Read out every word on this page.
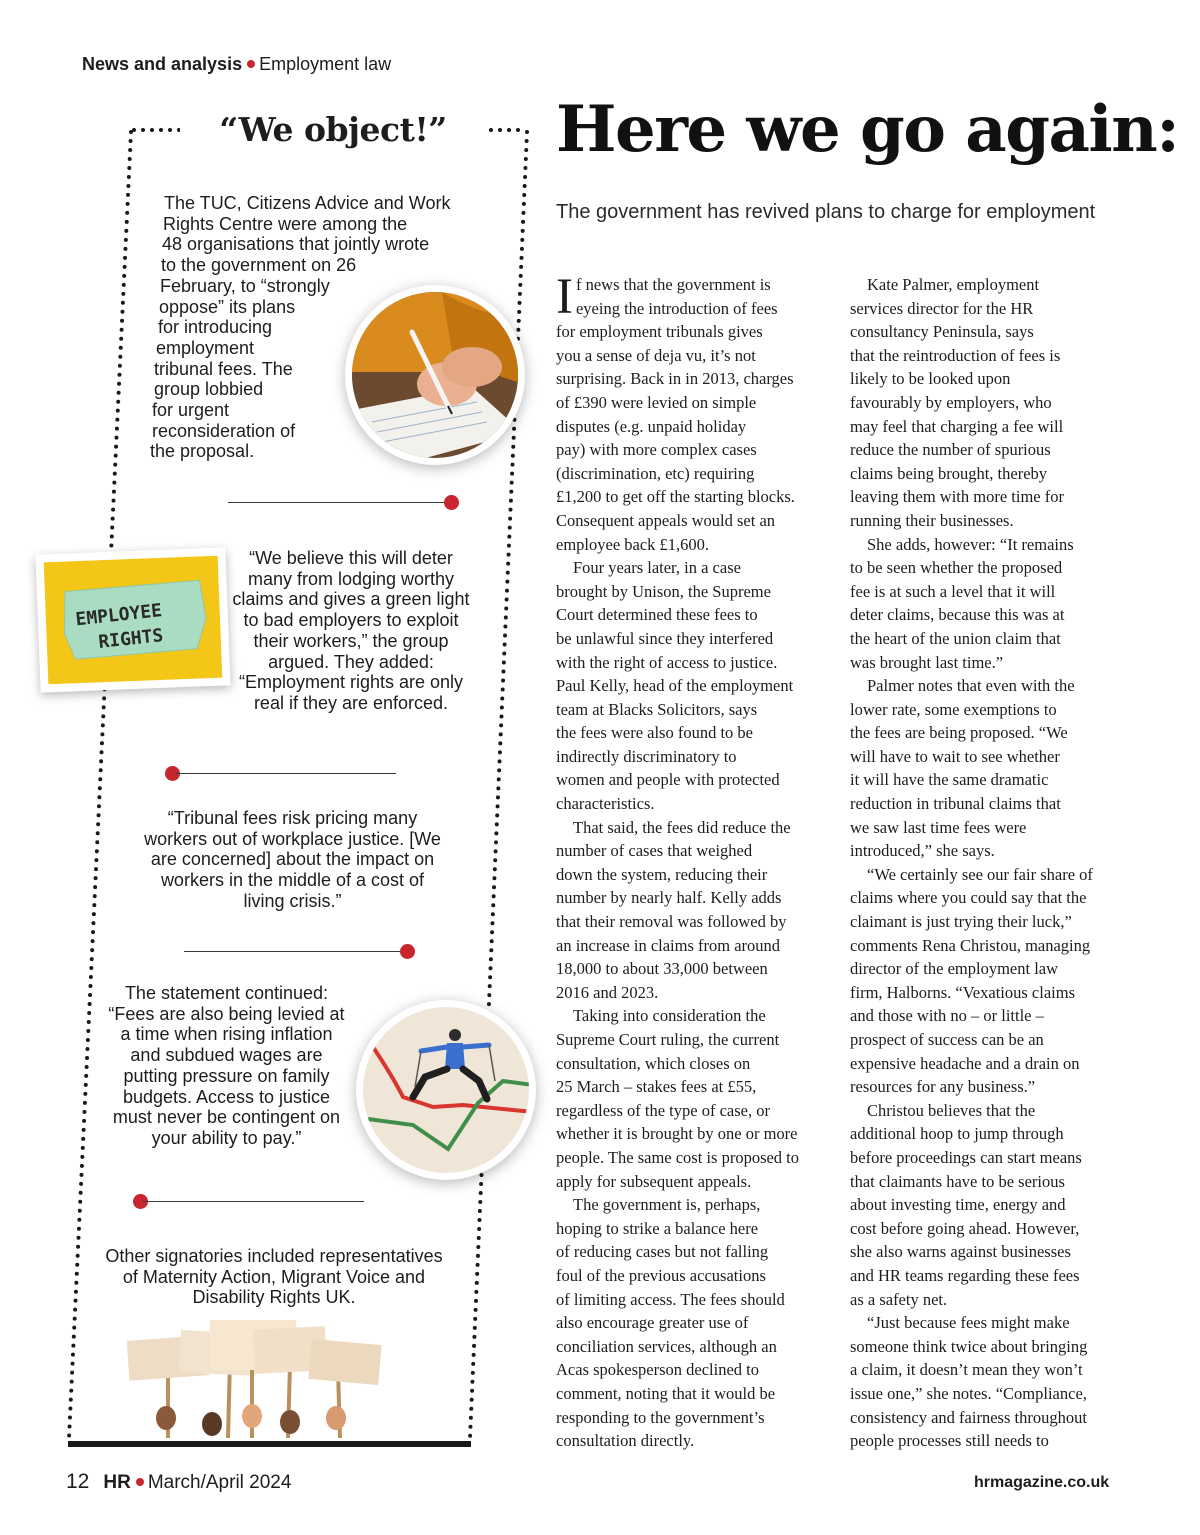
News and analysis Employment law
“We object!”
The TUC, Citizens Advice and Work
Rights Centre were among the
48 organisations that jointly wrote
to the government on 26
February, to “strongly
oppose” its plans
for introducing
employment
tribunal fees. The
group lobbied
for urgent
reconsideration of
the proposal.
EMPLOYEE
RIGHTS
“We believe this will deter many from lodging worthy claims and gives a green light to bad employers to exploit their workers,” the group argued. They added: “Employment rights are only real if they are enforced.
“Tribunal fees risk pricing many workers out of workplace justice. [We are concerned] about the impact on workers in the middle of a cost of living crisis.”
The statement continued: “Fees are also being levied at a time when rising inflation and subdued wages are putting pressure on family budgets. Access to justice must never be contingent on your ability to pay.”
Other signatories included representatives of Maternity Action, Migrant Voice and Disability Rights UK.
Here we go again:
The government has revived plans to charge for employment
I f news that the government is
eyeing the introduction of fees
for employment tribunals gives
you a sense of deja vu, it’s not
surprising. Back in in 2013, charges
of £390 were levied on simple
disputes (e.g. unpaid holiday
pay) with more complex cases
(discrimination, etc) requiring
£1,200 to get off the starting blocks.
Consequent appeals would set an
employee back £1,600.
Four years later, in a case
brought by Unison, the Supreme
Court determined these fees to
be unlawful since they interfered
with the right of access to justice.
Paul Kelly, head of the employment
team at Blacks Solicitors, says
the fees were also found to be
indirectly discriminatory to
women and people with protected
characteristics.
That said, the fees did reduce the
number of cases that weighed
down the system, reducing their
number by nearly half. Kelly adds
that their removal was followed by
an increase in claims from around
18,000 to about 33,000 between
2016 and 2023.
Taking into consideration the
Supreme Court ruling, the current
consultation, which closes on
25 March – stakes fees at £55,
regardless of the type of case, or
whether it is brought by one or more
people. The same cost is proposed to
apply for subsequent appeals.
The government is, perhaps,
hoping to strike a balance here
of reducing cases but not falling
foul of the previous accusations
of limiting access. The fees should
also encourage greater use of
conciliation services, although an
Acas spokesperson declined to
comment, noting that it would be
responding to the government’s
consultation directly.
Kate Palmer, employment
services director for the HR
consultancy Peninsula, says
that the reintroduction of fees is
likely to be looked upon
favourably by employers, who
may feel that charging a fee will
reduce the number of spurious
claims being brought, thereby
leaving them with more time for
running their businesses.
She adds, however: “It remains
to be seen whether the proposed
fee is at such a level that it will
deter claims, because this was at
the heart of the union claim that
was brought last time.”
Palmer notes that even with the
lower rate, some exemptions to
the fees are being proposed. “We
will have to wait to see whether
it will have the same dramatic
reduction in tribunal claims that
we saw last time fees were
introduced,” she says.
“We certainly see our fair share of
claims where you could say that the
claimant is just trying their luck,”
comments Rena Christou, managing
director of the employment law
firm, Halborns. “Vexatious claims
and those with no – or little –
prospect of success can be an
expensive headache and a drain on
resources for any business.”
Christou believes that the
additional hoop to jump through
before proceedings can start means
that claimants have to be serious
about investing time, energy and
cost before going ahead. However,
she also warns against businesses
and HR teams regarding these fees
as a safety net.
“Just because fees might make
someone think twice about bringing
a claim, it doesn’t mean they won’t
issue one,” she notes. “Compliance,
consistency and fairness throughout
people processes still needs to
12 HR March/April 2024	hrmagazine.co.uk
